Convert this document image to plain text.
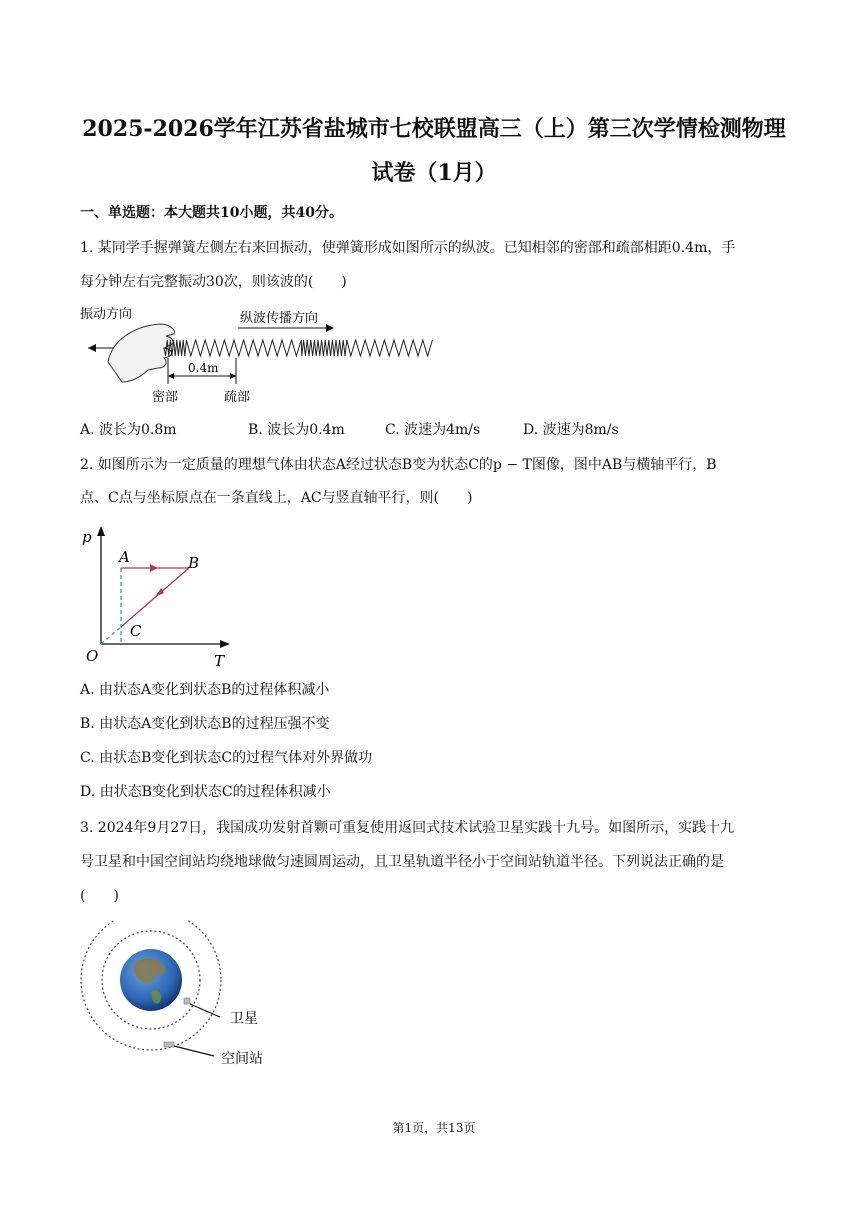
2025-2026学年江苏省盐城市七校联盟高三（上）第三次学情检测物理
试卷（1月）
一、单选题：本大题共10小题，共40分。
1. 某同学手握弹簧左侧左右来回振动，使弹簧形成如图所示的纵波。已知相邻的密部和疏部相距0.4m，手
每分钟左右完整振动30次，则该波的(　　)
振动方向	纵波传播方向
0.4m
密部	疏部
A. 波长为0.8m	B. 波长为0.4m	C. 波速为4m/s	D. 波速为8m/s
2. 如图所示为一定质量的理想气体由状态A经过状态B变为状态C的p − T图像，图中AB与横轴平行，B
点、C点与坐标原点在一条直线上，AC与竖直轴平行，则(　　)
p
T
O
A	B
C
A. 由状态A变化到状态B的过程体积减小
B. 由状态A变化到状态B的过程压强不变
C. 由状态B变化到状态C的过程气体对外界做功
D. 由状态B变化到状态C的过程体积减小
3. 2024年9月27日，我国成功发射首颗可重复使用返回式技术试验卫星实践十九号。如图所示，实践十九
号卫星和中国空间站均绕地球做匀速圆周运动，且卫星轨道半径小于空间站轨道半径。下列说法正确的是
(　　)
卫星
空间站
第1页，共13页
